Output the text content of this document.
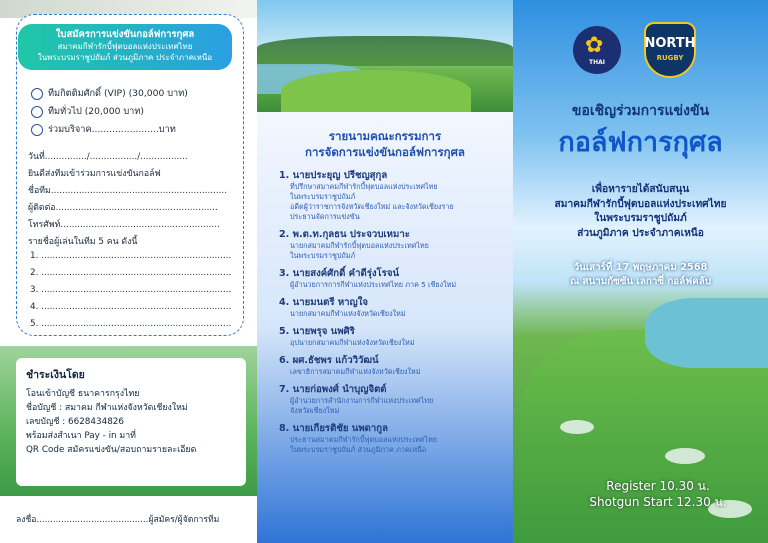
ใบสมัครการแข่งขันกอล์ฟการกุศล
สมาคมกีฬารักบี้ฟุตบอลแห่งประเทศไทย
ในพระบรมราชูปถัมภ์ ส่วนภูมิภาค ประจำภาคเหนือ
ทีมกิตติมศักดิ์ (VIP) (30,000 บาท)
ทีมทั่วไป (20,000 บาท)
ร่วมบริจาค.......................บาท
วันที่.............../................./.................
ยินดีส่งทีมเข้าร่วมการแข่งขันกอล์ฟ
ชื่อทีม...............................................................
ผู้ติดต่อ..........................................................
โทรศัพท์.........................................................
รายชื่อผู้เล่นในทีม 5 คน ดังนี้
1. ....................................................................
2. ....................................................................
3. ....................................................................
4. ....................................................................
5. ....................................................................
ชำระเงินโดย
โอนเข้าบัญชี ธนาคารกรุงไทย
ชื่อบัญชี : สมาคม กีฬาแห่งจังหวัดเชียงใหม่
เลขบัญชี : 6628434826
พร้อมส่งสำเนา Pay - in มาที่
QR Code สมัครแข่งขัน/สอบถามรายละเอียด
ลงชื่อ.........................................ผู้สมัคร/ผู้จัดการทีม
รายนามคณะกรรมการ
การจัดการแข่งขันกอล์ฟการกุศล
1. นายประยุญ ปรีชญสุกุล
ที่ปรึกษาสมาคมกีฬารักบี้ฟุตบอลแห่งประเทศไทย
ในพระบรมราชูปถัมภ์
อดีตผู้ว่าราชการจังหวัดเชียงใหม่ และจังหวัดเชียงราย
ประธานจัดการแข่งขัน
2. พ.ต.ท.กุลธน ประจวบเหมาะ
นายกสมาคมกีฬารักบี้ฟุตบอลแห่งประเทศไทย
ในพระบรมราชูปถัมภ์
3. นายสงค์ศักดิ์ คำดีรุ่งโรจน์
ผู้อำนวยการการกีฬาแห่งประเทศไทย ภาค 5 เชียงใหม่
4. นายมนตรี หาญใจ
นายกสมาคมกีฬาแห่งจังหวัดเชียงใหม่
5. นายพรุจ นพศิริ
อุปนายกสมาคมกีฬาแห่งจังหวัดเชียงใหม่
6. ผศ.ธัชพร แก้ววิวัฒน์
เลขาธิการสมาคมกีฬาแห่งจังหวัดเชียงใหม่
7. นายก่อพงศ์ นำบุญจิตต์
ผู้อำนวยการสำนักงานการกีฬาแห่งประเทศไทย
จังหวัดเชียงใหม่
8. นายเกียรติชัย นพดากูล
ประธานสมาคมกีฬารักบี้ฟุตบอลแห่งประเทศไทย
ในพระบรมราชูปถัมภ์ ส่วนภูมิภาค ภาคเหนือ
✿
THAI
NORTH
RUGBY
ขอเชิญร่วมการแข่งขัน
กอล์ฟการกุศล
เพื่อหารายได้สนับสนุน
สมาคมกีฬารักบี้ฟุตบอลแห่งประเทศไทย
ในพระบรมราชูปถัมภ์
ส่วนภูมิภาค ประจำภาคเหนือ
วันเสาร์ที่ 17 พฤษภาคม 2568
ณ สนามกัซซัน เลกาซี่ กอล์ฟคลับ
Register 10.30 น.
Shotgun Start 12.30 น.
